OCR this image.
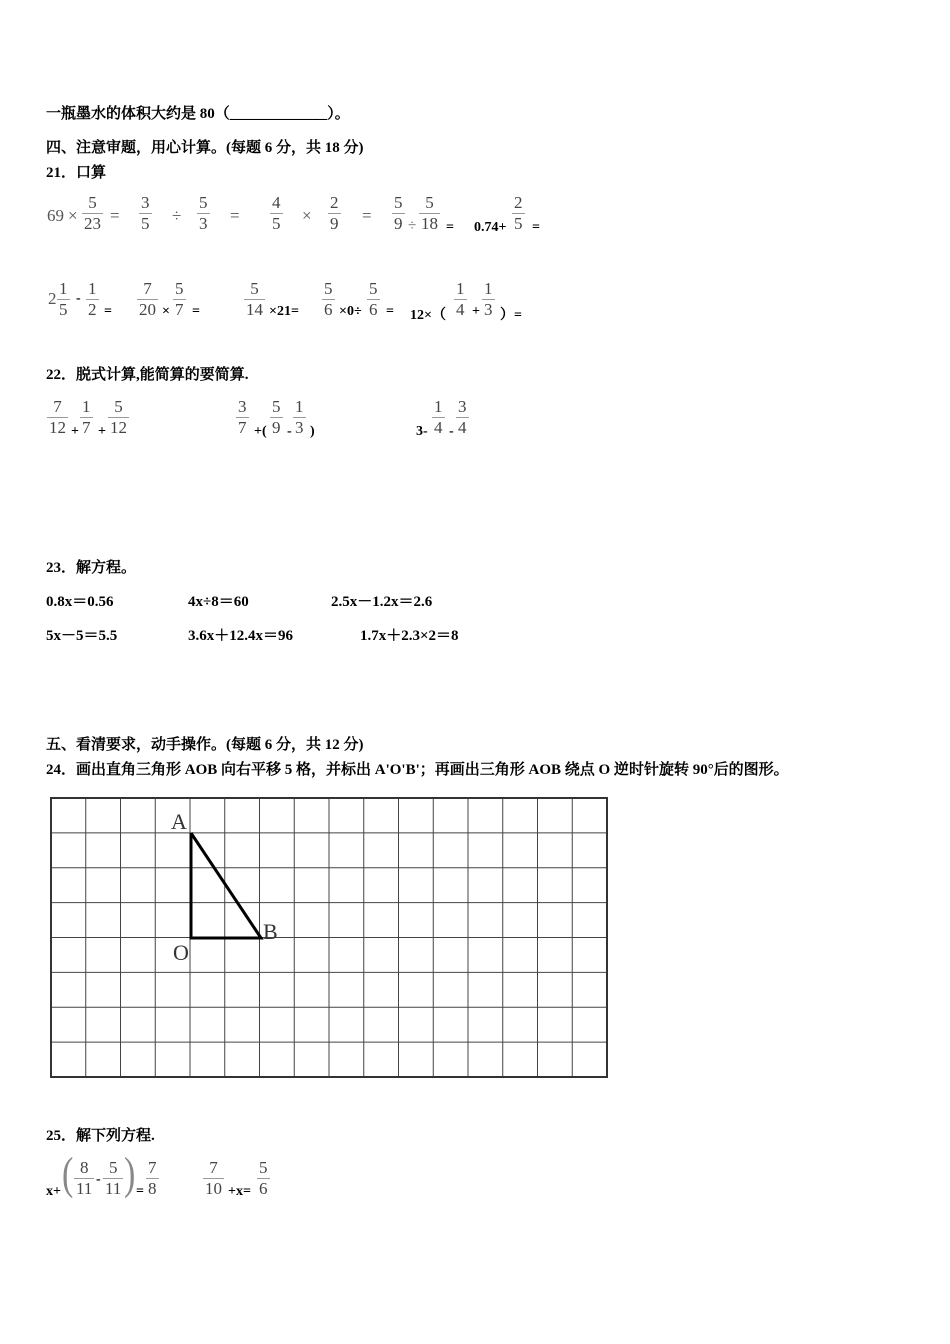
一瓶墨水的体积大约是 80（_____________）。
四、注意审题，用心计算。(每题 6 分，共 18 分)
21．口算
$69 \times \frac{5}{23} = \frac{3}{5} \div \frac{5}{3} = \frac{4}{5} \times \frac{2}{9} = \frac{5}{9} \div \frac{5}{18} = 0.74+ \frac{2}{5}$ =
$2 \frac{1}{5} - \frac{1}{2} = \frac{7}{20} \times \frac{5}{7}$ =	$\frac{5}{14} \times 21= \frac{5}{6} \times 0\div \frac{5}{6} = 12\times( \frac{1}{4} + \frac{1}{3}$ ）=
22．脱式计算,能简算的要简算.
$\frac{7}{12} + \frac{1}{7} + \frac{5}{12}$	$\frac{3}{7}$ +( $\frac{5}{9} - \frac{1}{3}$ )	$3- \frac{1}{4} - \frac{3}{4}$
23．解方程。
0.8x＝0.56	4x÷8＝60	2.5x－1.2x＝2.6
5x－5＝5.5	3.6x＋12.4x＝96	1.7x＋2.3×2＝8
五、看清要求，动手操作。(每题 6 分，共 12 分)
24．画出直角三角形 AOB 向右平移 5 格，并标出 A'O'B'；再画出三角形 AOB 绕点 O 逆时针旋转 90°后的图形。
A
O
B
25．解下列方程.
x+ ( $\frac{8}{11} - \frac{5}{11}$ ) = $\frac{7}{8}$	$\frac{7}{10} +x= \frac{5}{6}$
